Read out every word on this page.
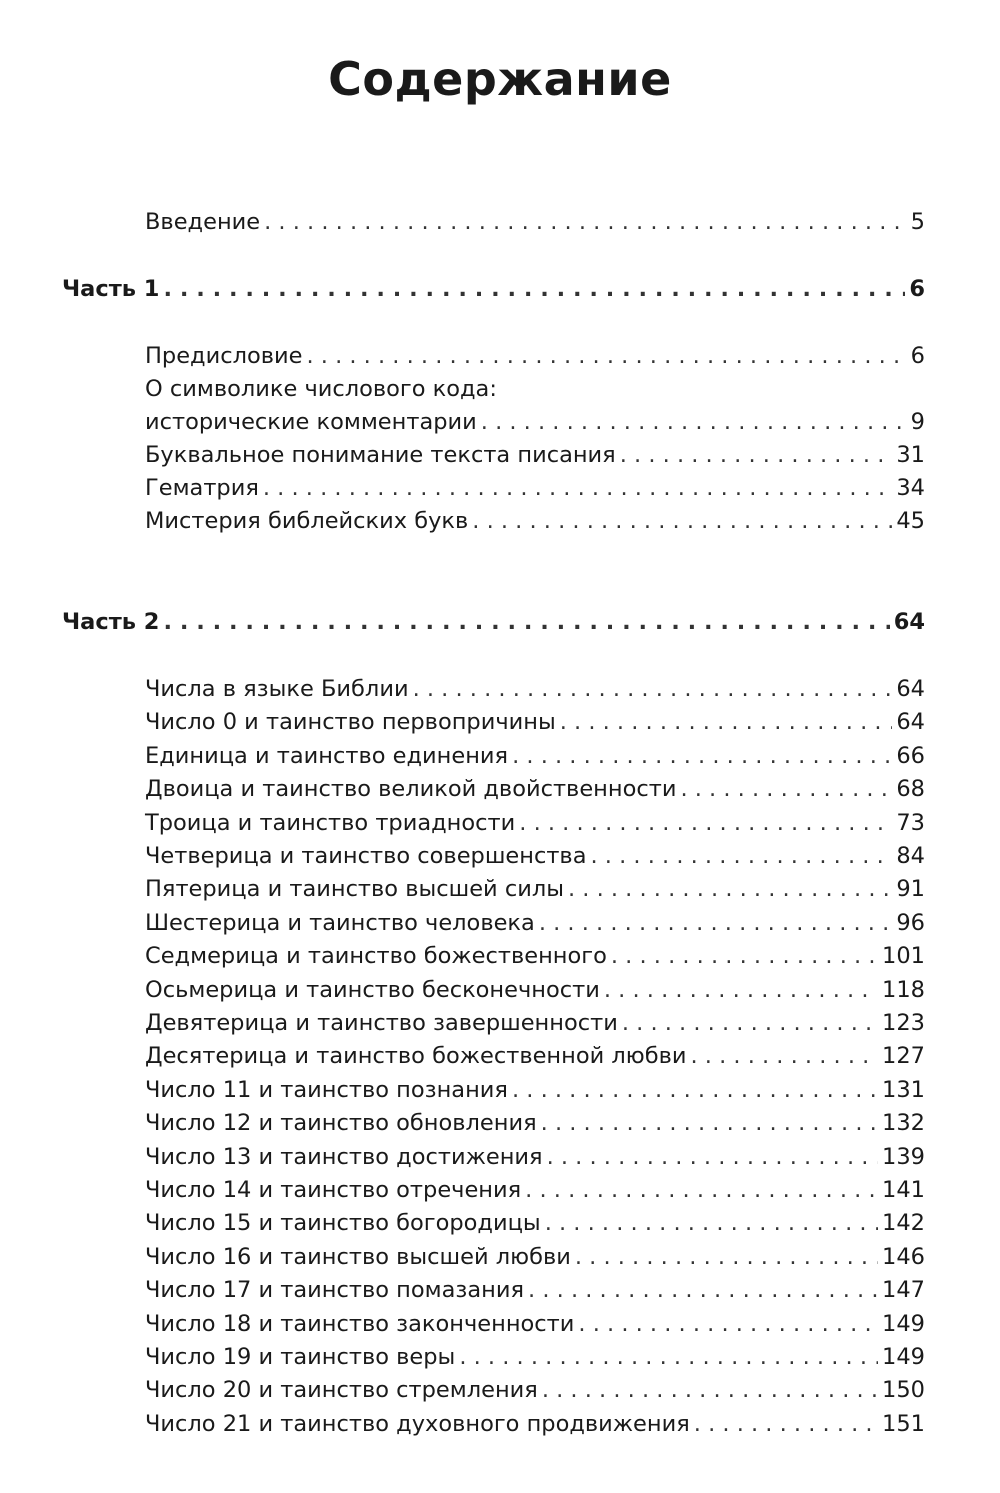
Содержание
Введение . . .	5
Часть 1 . . .	6
Предисловие . . .	6
О символике числового кода:
исторические комментарии . . .	9
Буквальное понимание текста писания . . .	31
Гематрия . . .	34
Мистерия библейских букв . . .	45
Часть 2 . . .	64
Числа в языке Библии . . .	64
Число 0 и таинство первопричины . . .	64
Единица и таинство единения . . .	66
Двоица и таинство великой двойственности . . .	68
Троица и таинство триадности . . .	73
Четверица и таинство совершенства . . .	84
Пятерица и таинство высшей силы . . .	91
Шестерица и таинство человека . . .	96
Седмерица и таинство божественного . . .	101
Осьмерица и таинство бесконечности . . .	118
Девятерица и таинство завершенности . . .	123
Десятерица и таинство божественной любви . . .	127
Число 11 и таинство познания . . .	131
Число 12 и таинство обновления . . .	132
Число 13 и таинство достижения . . .	139
Число 14 и таинство отречения . . .	141
Число 15 и таинство богородицы . . .	142
Число 16 и таинство высшей любви . . .	146
Число 17 и таинство помазания . . .	147
Число 18 и таинство законченности . . .	149
Число 19 и таинство веры . . .	149
Число 20 и таинство стремления . . .	150
Число 21 и таинство духовного продвижения . . .	151
